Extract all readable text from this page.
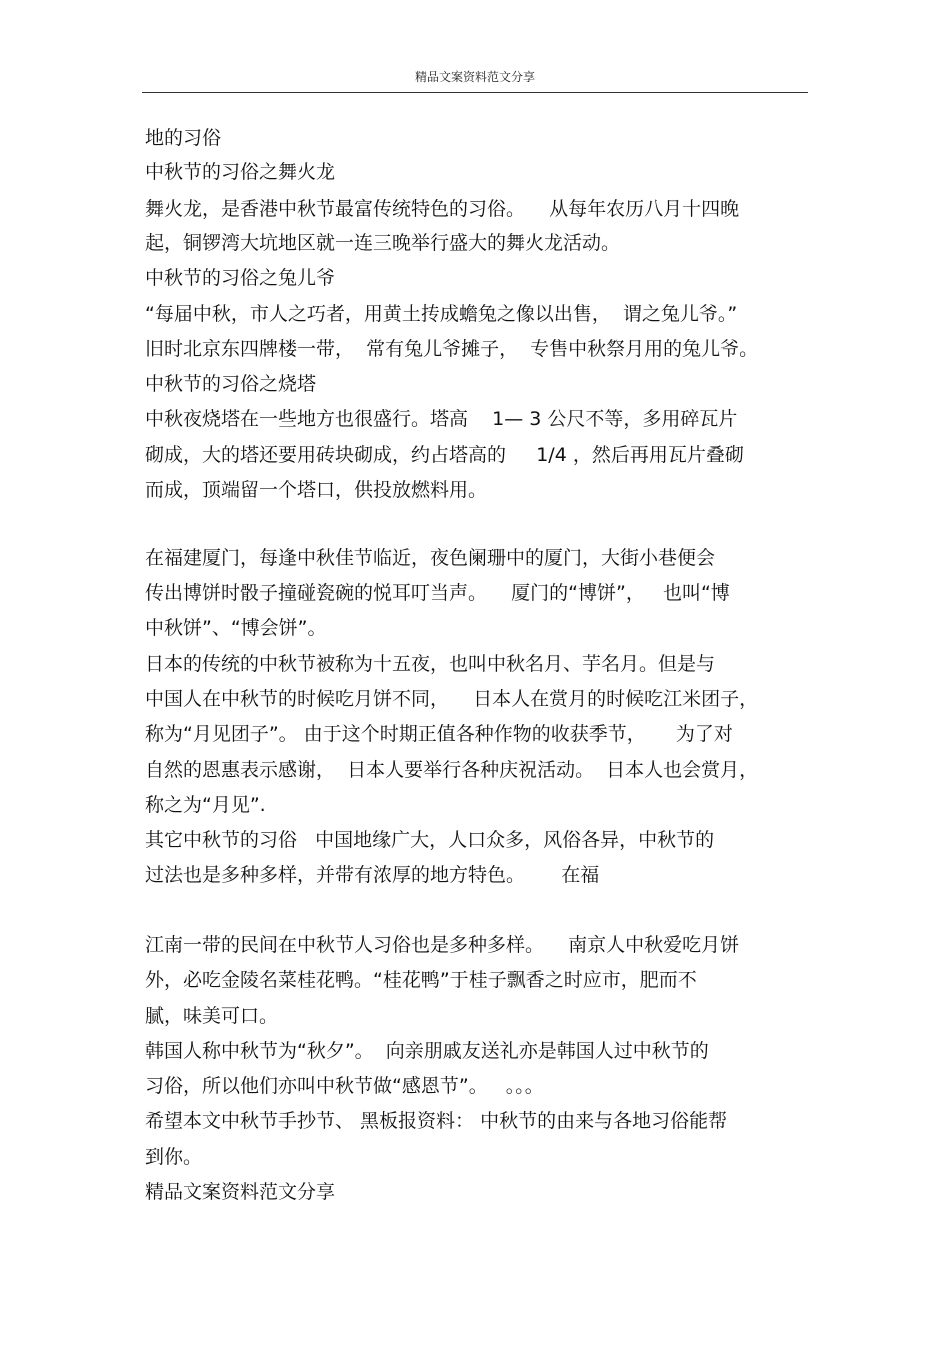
精品文案资料范文分享
地的习俗
中秋节的习俗之舞火龙
舞火龙，是香港中秋节最富传统特色的习俗。    从每年农历八月十四晚
起，铜锣湾大坑地区就一连三晚举行盛大的舞火龙活动。
中秋节的习俗之兔儿爷
“每届中秋，市人之巧者，用黄土抟成蟾兔之像以出售，  谓之兔儿爷。”
旧时北京东四牌楼一带，  常有兔儿爷摊子，  专售中秋祭月用的兔儿爷。
中秋节的习俗之烧塔
中秋夜烧塔在一些地方也很盛行。塔高    1— 3 公尺不等，多用碎瓦片
砌成，大的塔还要用砖块砌成，约占塔高的     1/4 ，然后再用瓦片叠砌
而成，顶端留一个塔口，供投放燃料用。
在福建厦门，每逢中秋佳节临近，夜色阑珊中的厦门，大街小巷便会
传出博饼时骰子撞碰瓷碗的悦耳叮当声。    厦门的“博饼”，   也叫“博
中秋饼”、“博会饼”。
日本的传统的中秋节被称为十五夜，也叫中秋名月、芋名月。但是与
中国人在中秋节的时候吃月饼不同，    日本人在赏月的时候吃江米团子，
称为“月见团子”。 由于这个时期正值各种作物的收获季节，     为了对
自然的恩惠表示感谢，  日本人要举行各种庆祝活动。  日本人也会赏月，
称之为“月见”.
其它中秋节的习俗   中国地缘广大，人口众多，风俗各异，中秋节的
过法也是多种多样，并带有浓厚的地方特色。      在福
江南一带的民间在中秋节人习俗也是多种多样。    南京人中秋爱吃月饼
外，必吃金陵名菜桂花鸭。“桂花鸭”于桂子飘香之时应市，肥而不
腻，味美可口。
韩国人称中秋节为“秋夕”。  向亲朋戚友送礼亦是韩国人过中秋节的
习俗，所以他们亦叫中秋节做“感恩节”。   。。。
希望本文中秋节手抄节、 黑板报资料： 中秋节的由来与各地习俗能帮
到你。
精品文案资料范文分享
